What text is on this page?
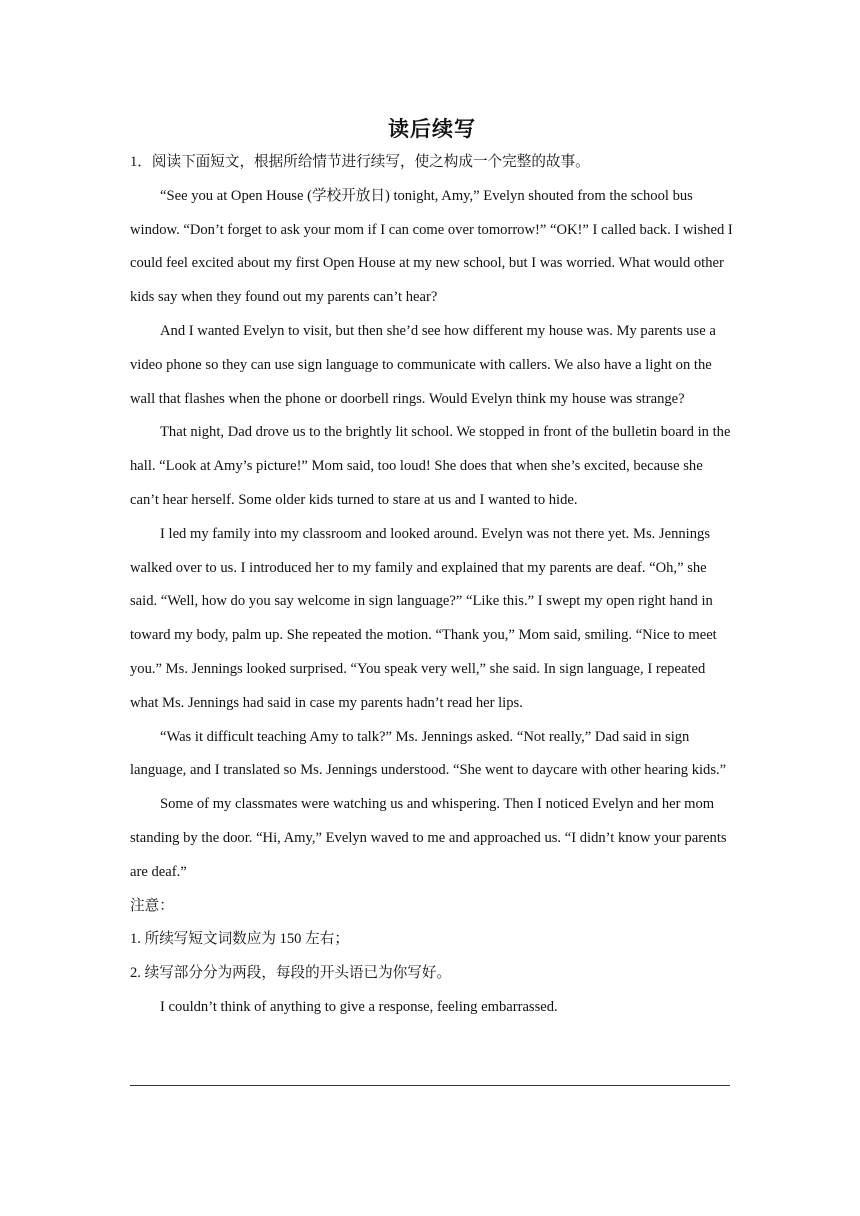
读后续写

1．阅读下面短文，根据所给情节进行续写，使之构成一个完整的故事。

“See you at Open House (学校开放日) tonight, Amy,” Evelyn shouted from the school bus window. “Don’t forget to ask your mom if I can come over tomorrow!” “OK!” I called back. I wished I could feel excited about my first Open House at my new school, but I was worried. What would other kids say when they found out my parents can’t hear?

And I wanted Evelyn to visit, but then she’d see how different my house was. My parents use a video phone so they can use sign language to communicate with callers. We also have a light on the wall that flashes when the phone or doorbell rings. Would Evelyn think my house was strange?

That night, Dad drove us to the brightly lit school. We stopped in front of the bulletin board in the hall. “Look at Amy’s picture!” Mom said, too loud! She does that when she’s excited, because she can’t hear herself. Some older kids turned to stare at us and I wanted to hide.

I led my family into my classroom and looked around. Evelyn was not there yet. Ms. Jennings walked over to us. I introduced her to my family and explained that my parents are deaf. “Oh,” she said. “Well, how do you say welcome in sign language?” “Like this.” I swept my open right hand in toward my body, palm up. She repeated the motion. “Thank you,” Mom said, smiling. “Nice to meet you.” Ms. Jennings looked surprised. “You speak very well,” she said. In sign language, I repeated what Ms. Jennings had said in case my parents hadn’t read her lips.

“Was it difficult teaching Amy to talk?” Ms. Jennings asked. “Not really,” Dad said in sign language, and I translated so Ms. Jennings understood. “She went to daycare with other hearing kids.”

Some of my classmates were watching us and whispering. Then I noticed Evelyn and her mom standing by the door. “Hi, Amy,” Evelyn waved to me and approached us. “I didn’t know your parents are deaf.”

注意：

1. 所续写短文词数应为 150 左右；

2. 续写部分分为两段，每段的开头语已为你写好。

I couldn’t think of anything to give a response, feeling embarrassed.
